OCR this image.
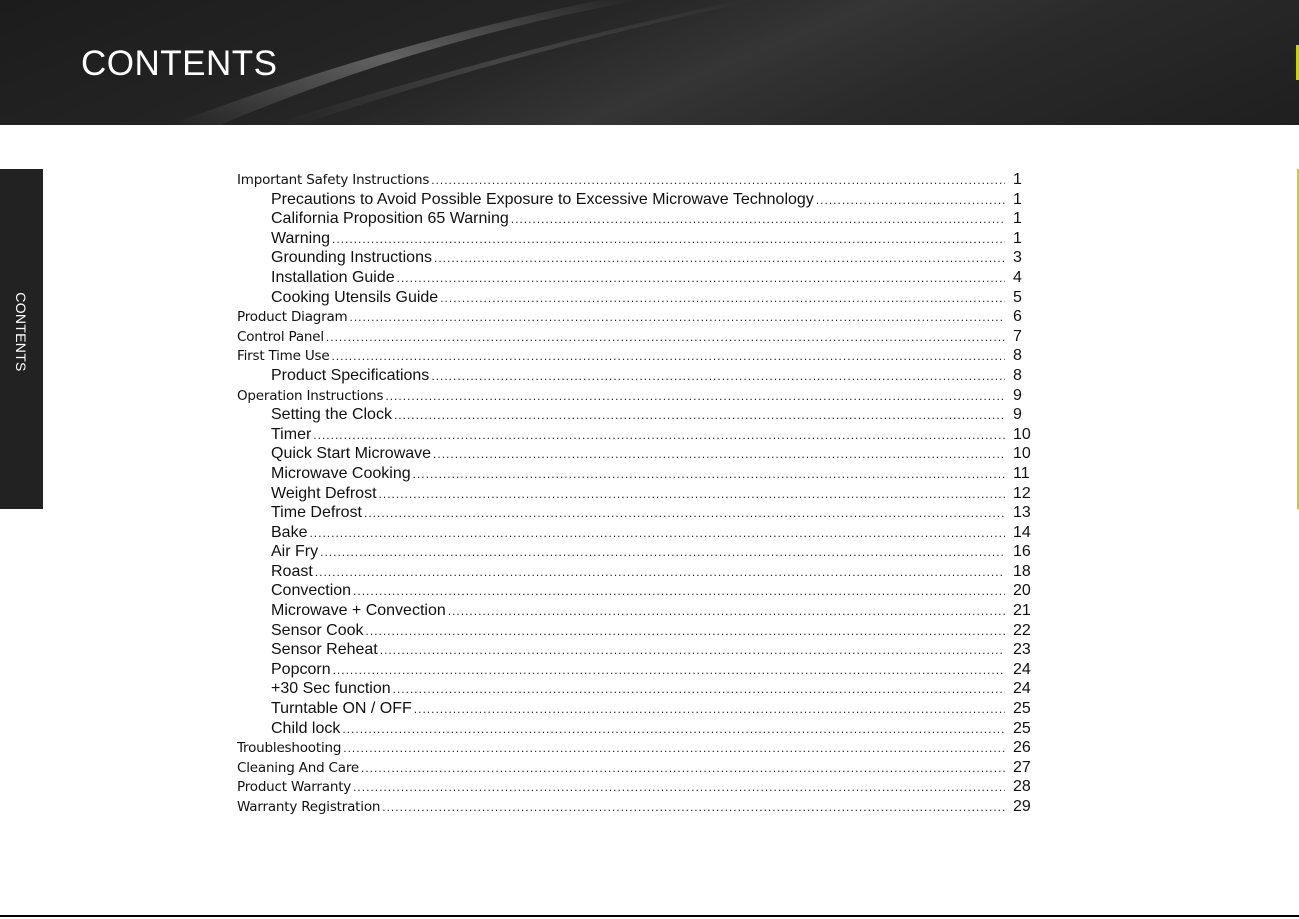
CONTENTS
CONTENTS
Important Safety Instructions .....	1
Precautions to Avoid Possible Exposure to Excessive Microwave Technology .....	1
California Proposition 65 Warning .....	1
Warning .....	1
Grounding Instructions .....	3
Installation Guide .....	4
Cooking Utensils Guide .....	5
Product Diagram .....	6
Control Panel .....	7
First Time Use .....	8
Product Specifications .....	8
Operation Instructions .....	9
Setting the Clock .....	9
Timer .....	10
Quick Start Microwave .....	10
Microwave Cooking .....	11
Weight Defrost .....	12
Time Defrost .....	13
Bake .....	14
Air Fry .....	16
Roast .....	18
Convection .....	20
Microwave + Convection .....	21
Sensor Cook .....	22
Sensor Reheat .....	23
Popcorn .....	24
+30 Sec function .....	24
Turntable ON / OFF .....	25
Child lock .....	25
Troubleshooting .....	26
Cleaning And Care .....	27
Product Warranty .....	28
Warranty Registration .....	29
